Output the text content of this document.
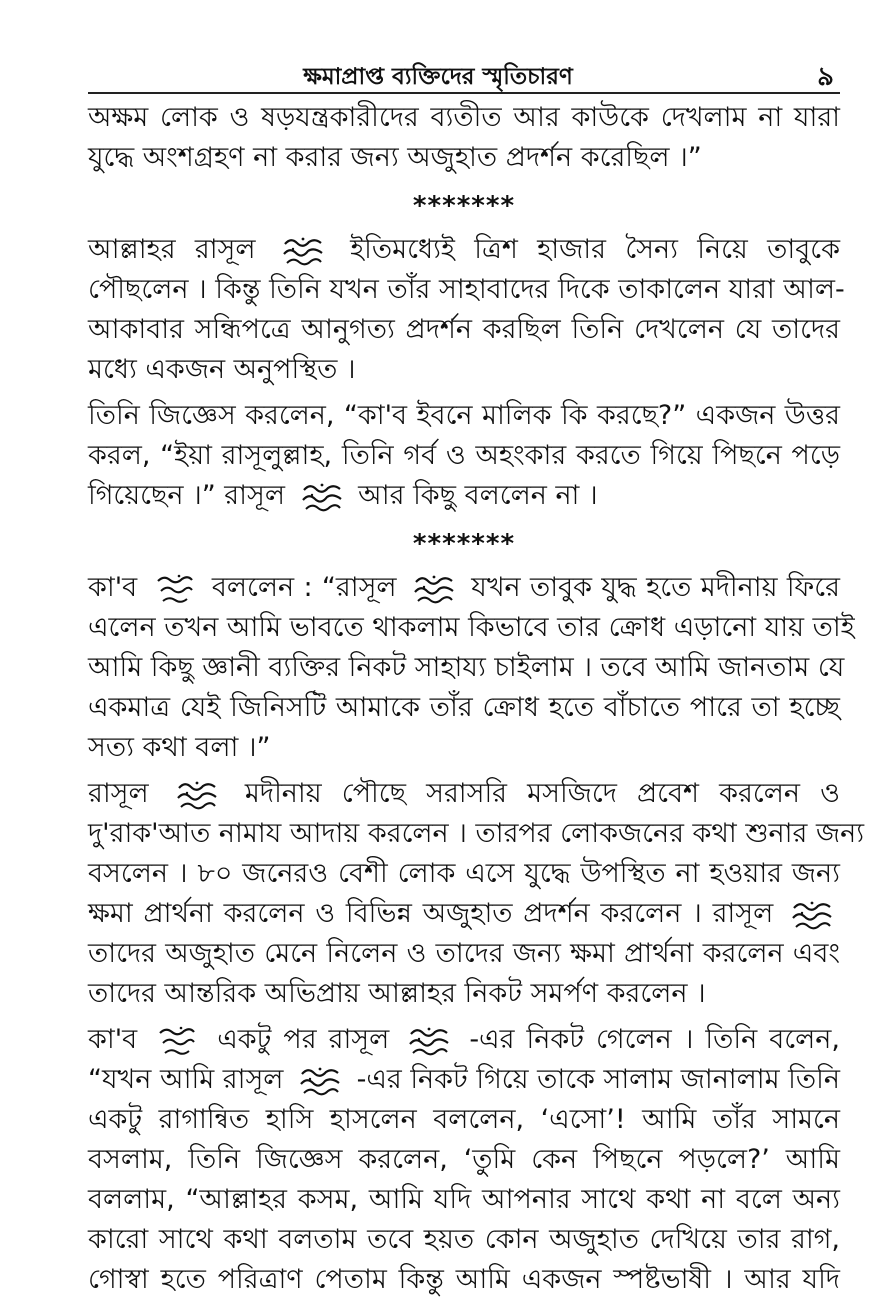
ক্ষমাপ্রাপ্ত ব্যক্তিদের স্মৃতিচারণ	৯
অক্ষম লোক ও ষড়যন্ত্রকারীদের ব্যতীত আর কাউকে দেখলাম না যারা
যুদ্ধে অংশগ্রহণ না করার জন্য অজুহাত প্রদর্শন করেছিল ।”
*******
আল্লাহর রাসূল	ইতিমধ্যেই ত্রিশ হাজার সৈন্য নিয়ে তাবুকে
পৌছলেন । কিন্তু তিনি যখন তাঁর সাহাবাদের দিকে তাকালেন যারা আল-
আকাবার সন্ধিপত্রে আনুগত্য প্রদর্শন করছিল তিনি দেখলেন যে তাদের
মধ্যে একজন অনুপস্থিত ।
তিনি জিজ্ঞেস করলেন, “কা'ব ইবনে মালিক কি করছে?” একজন উত্তর
করল, “ইয়া রাসূলুল্লাহ, তিনি গর্ব ও অহংকার করতে গিয়ে পিছনে পড়ে
গিয়েছেন ।” রাসূল	আর কিছু বললেন না ।
*******
কা'ব	বললেন : “রাসূল	যখন তাবুক যুদ্ধ হতে মদীনায় ফিরে
এলেন তখন আমি ভাবতে থাকলাম কিভাবে তার ক্রোধ এড়ানো যায় তাই
আমি কিছু জ্ঞানী ব্যক্তির নিকট সাহায্য চাইলাম । তবে আমি জানতাম যে
একমাত্র যেই জিনিসটি আমাকে তাঁর ক্রোধ হতে বাঁচাতে পারে তা হচ্ছে
সত্য কথা বলা ।”
রাসূল	মদীনায় পৌছে সরাসরি মসজিদে প্রবেশ করলেন ও
দু'রাক'আত নামায আদায় করলেন । তারপর লোকজনের কথা শুনার জন্য
বসলেন । ৮০ জনেরও বেশী লোক এসে যুদ্ধে উপস্থিত না হওয়ার জন্য
ক্ষমা প্রার্থনা করলেন ও বিভিন্ন অজুহাত প্রদর্শন করলেন । রাসূল
তাদের অজুহাত মেনে নিলেন ও তাদের জন্য ক্ষমা প্রার্থনা করলেন এবং
তাদের আন্তরিক অভিপ্রায় আল্লাহর নিকট সমর্পণ করলেন ।
কা'ব	একটু পর রাসূল	-এর নিকট গেলেন । তিনি বলেন,
“যখন আমি রাসূল	-এর নিকট গিয়ে তাকে সালাম জানালাম তিনি
একটু রাগান্বিত হাসি হাসলেন বললেন, ‘এসো’! আমি তাঁর সামনে
বসলাম, তিনি জিজ্ঞেস করলেন, ‘তুমি কেন পিছনে পড়লে?’ আমি
বললাম, “আল্লাহর কসম, আমি যদি আপনার সাথে কথা না বলে অন্য
কারো সাথে কথা বলতাম তবে হয়ত কোন অজুহাত দেখিয়ে তার রাগ,
গোস্বা হতে পরিত্রাণ পেতাম কিন্তু আমি একজন স্পষ্টভাষী । আর যদি
